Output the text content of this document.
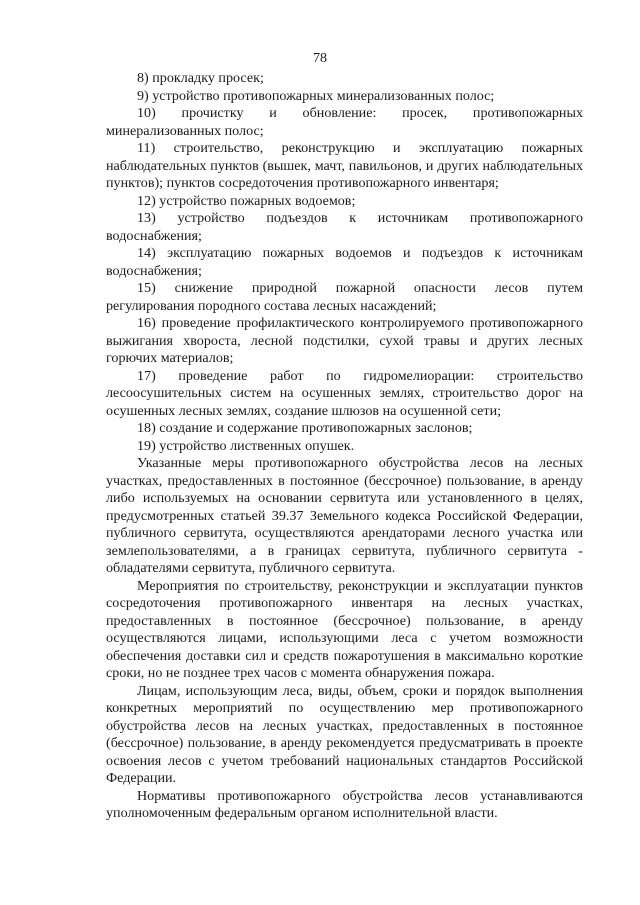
78

8) прокладку просек;

9) устройство противопожарных минерализованных полос;

10) прочистку и обновление: просек, противопожарных минерализованных полос;

11) строительство, реконструкцию и эксплуатацию пожарных наблюдательных пунктов (вышек, мачт, павильонов, и других наблюдательных пунктов); пунктов сосредоточения противопожарного инвентаря;

12) устройство пожарных водоемов;

13) устройство подъездов к источникам противопожарного водоснабжения;

14) эксплуатацию пожарных водоемов и подъездов к источникам водоснабжения;

15) снижение природной пожарной опасности лесов путем регулирования породного состава лесных насаждений;

16) проведение профилактического контролируемого противопожарного выжигания хвороста, лесной подстилки, сухой травы и других лесных горючих материалов;

17) проведение работ по гидромелиорации: строительство лесоосушительных систем на осушенных землях, строительство дорог на осушенных лесных землях, создание шлюзов на осушенной сети;

18) создание и содержание противопожарных заслонов;

19) устройство лиственных опушек.

Указанные меры противопожарного обустройства лесов на лесных участках, предоставленных в постоянное (бессрочное) пользование, в аренду либо используемых на основании сервитута или установленного в целях, предусмотренных статьей 39.37 Земельного кодекса Российской Федерации, публичного сервитута, осуществляются арендаторами лесного участка или землепользователями, а в границах сервитута, публичного сервитута - обладателями сервитута, публичного сервитута.

Мероприятия по строительству, реконструкции и эксплуатации пунктов сосредоточения противопожарного инвентаря на лесных участках, предоставленных в постоянное (бессрочное) пользование, в аренду осуществляются лицами, использующими леса с учетом возможности обеспечения доставки сил и средств пожаротушения в максимально короткие сроки, но не позднее трех часов с момента обнаружения пожара.

Лицам, использующим леса, виды, объем, сроки и порядок выполнения конкретных мероприятий по осуществлению мер противопожарного обустройства лесов на лесных участках, предоставленных в постоянное (бессрочное) пользование, в аренду рекомендуется предусматривать в проекте освоения лесов с учетом требований национальных стандартов Российской Федерации.

Нормативы противопожарного обустройства лесов устанавливаются уполномоченным федеральным органом исполнительной власти.
